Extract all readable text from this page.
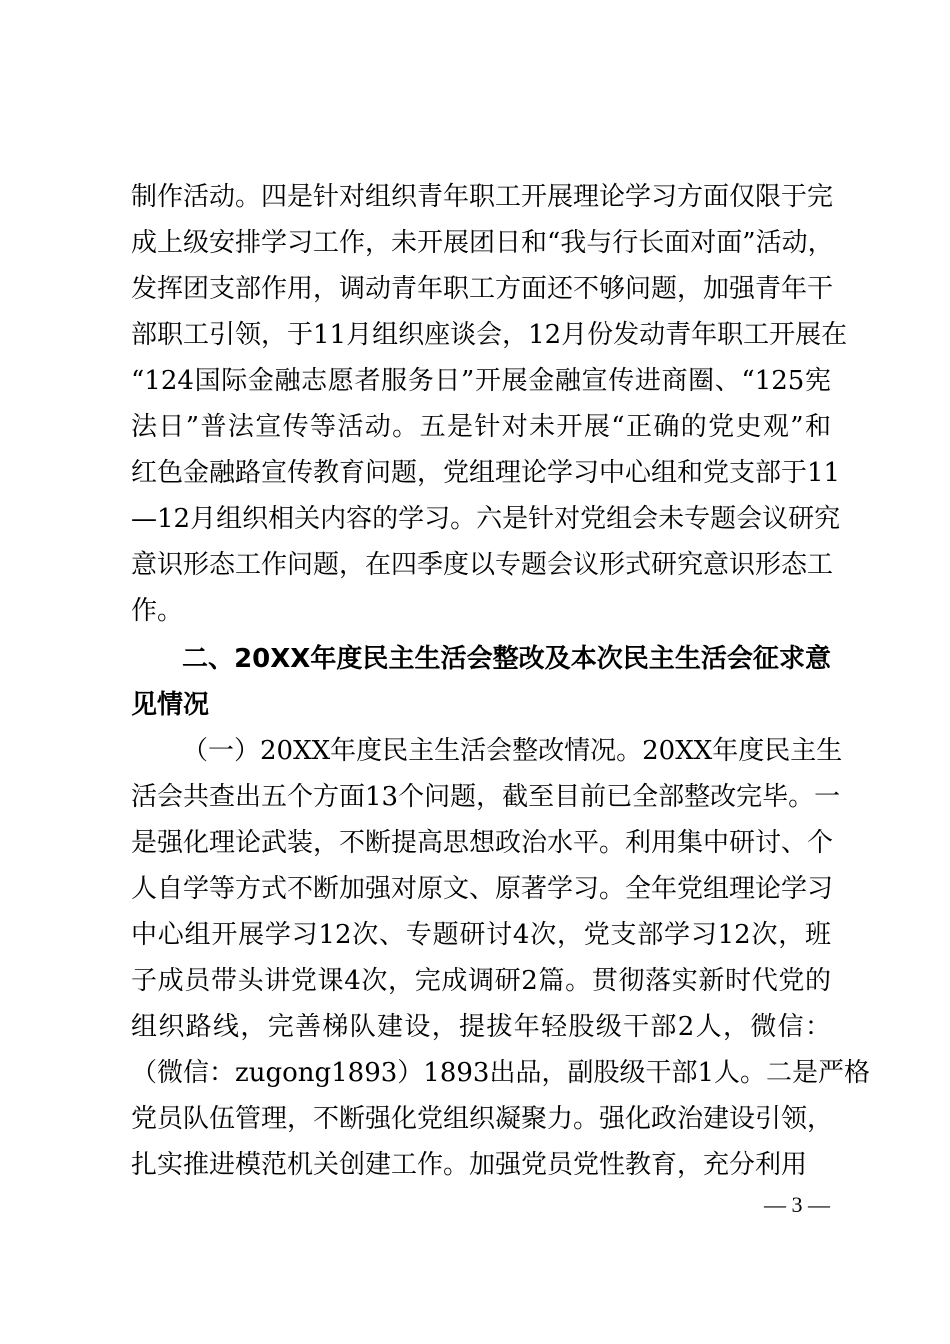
制作活动。四是针对组织青年职工开展理论学习方面仅限于完
成上级安排学习工作，未开展团日和“我与行长面对面”活动，
发挥团支部作用，调动青年职工方面还不够问题，加强青年干
部职工引领，于11月组织座谈会，12月份发动青年职工开展在
“124国际金融志愿者服务日”开展金融宣传进商圈、“125宪
法日”普法宣传等活动。五是针对未开展“正确的党史观”和
红色金融路宣传教育问题，党组理论学习中心组和党支部于11
—12月组织相关内容的学习。六是针对党组会未专题会议研究
意识形态工作问题，在四季度以专题会议形式研究意识形态工
作。
二、20XX年度民主生活会整改及本次民主生活会征求意
见情况
（一）20XX年度民主生活会整改情况。20XX年度民主生
活会共查出五个方面13个问题，截至目前已全部整改完毕。一
是强化理论武装，不断提高思想政治水平。利用集中研讨、个
人自学等方式不断加强对原文、原著学习。全年党组理论学习
中心组开展学习12次、专题研讨4次，党支部学习12次，班
子成员带头讲党课4次，完成调研2篇。贯彻落实新时代党的
组织路线，完善梯队建设，提拔年轻股级干部2人，微信：
（微信：zugong1893）1893出品，副股级干部1人。二是严格
党员队伍管理，不断强化党组织凝聚力。强化政治建设引领，
扎实推进模范机关创建工作。加强党员党性教育，充分利用
— 3 —
